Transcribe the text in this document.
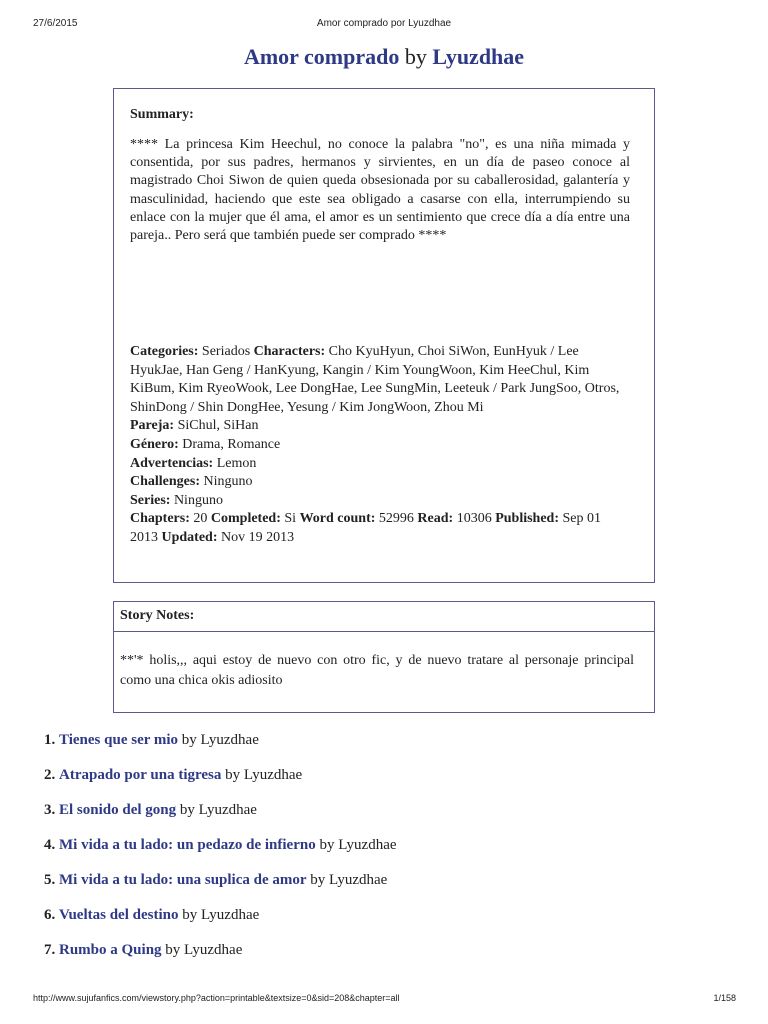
27/6/2015	Amor comprado por Lyuzdhae
Amor comprado by Lyuzdhae
Summary:
**** La princesa Kim Heechul, no conoce la palabra "no", es una niña mimada y consentida, por sus padres, hermanos y sirvientes, en un día de paseo conoce al magistrado Choi Siwon de quien queda obsesionada por su caballerosidad, galantería y masculinidad, haciendo que este sea obligado a casarse con ella, interrumpiendo su enlace con la mujer que él ama, el amor es un sentimiento que crece día a día entre una pareja.. Pero será que también puede ser comprado ****
Categories: Seriados Characters: Cho KyuHyun, Choi SiWon, EunHyuk / Lee HyukJae, Han Geng / HanKyung, Kangin / Kim YoungWoon, Kim HeeChul, Kim KiBum, Kim RyeoWook, Lee DongHae, Lee SungMin, Leeteuk / Park JungSoo, Otros, ShinDong / Shin DongHee, Yesung / Kim JongWoon, Zhou Mi
Pareja: SiChul, SiHan
Género: Drama, Romance
Advertencias: Lemon
Challenges: Ninguno
Series: Ninguno
Chapters: 20 Completed: Si Word count: 52996 Read: 10306 Published: Sep 01 2013 Updated: Nov 19 2013
Story Notes:
**'* holis,,, aqui estoy de nuevo con otro fic, y de nuevo tratare al personaje principal como una chica okis adiosito
1. Tienes que ser mio by Lyuzdhae
2. Atrapado por una tigresa by Lyuzdhae
3. El sonido del gong by Lyuzdhae
4. Mi vida a tu lado: un pedazo de infierno by Lyuzdhae
5. Mi vida a tu lado: una suplica de amor by Lyuzdhae
6. Vueltas del destino by Lyuzdhae
7. Rumbo a Quing by Lyuzdhae
http://www.sujufanfics.com/viewstory.php?action=printable&textsize=0&sid=208&chapter=all	1/158
